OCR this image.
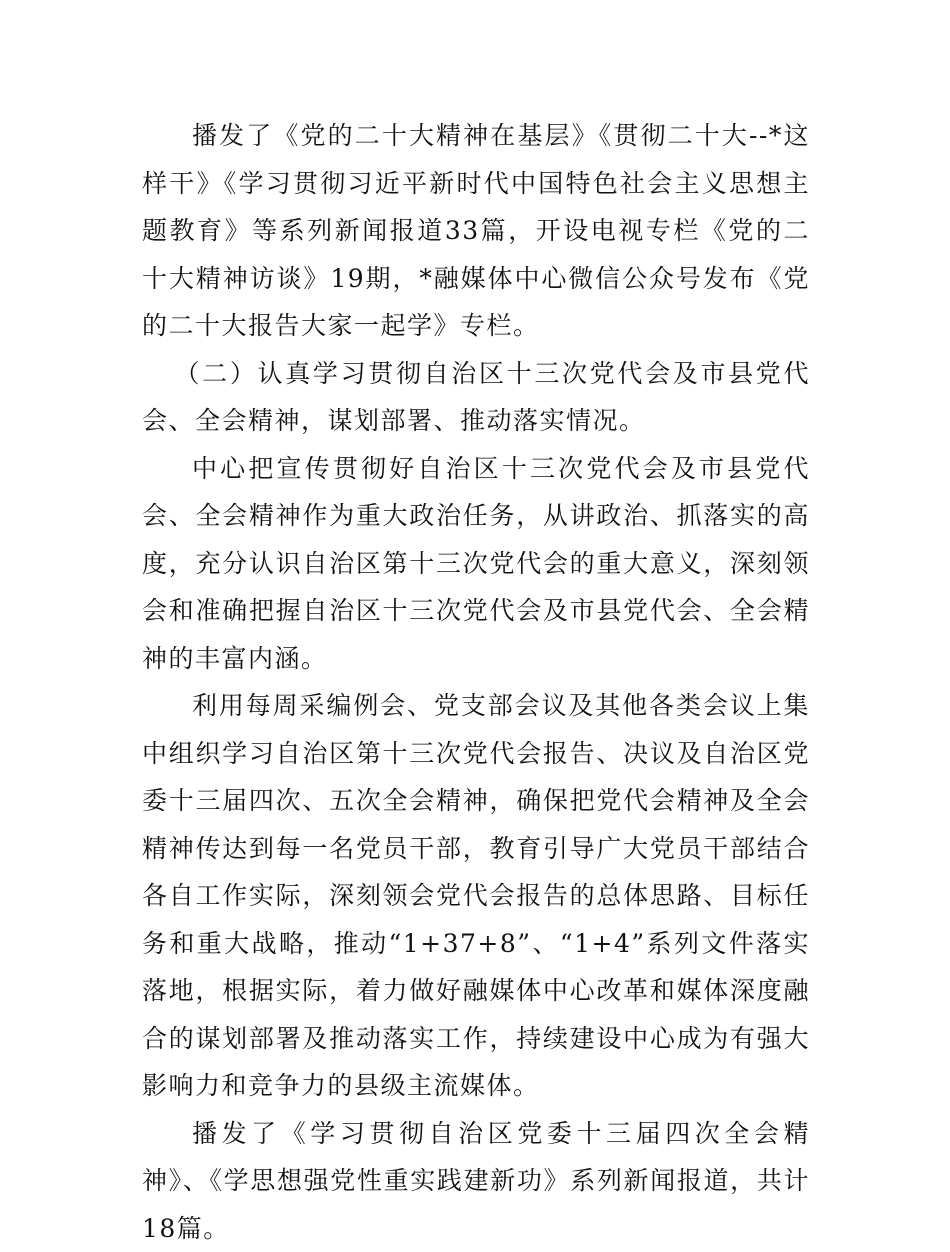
播发了《党的二十大精神在基层》《贯彻二十大--*这样干》《学习贯彻习近平新时代中国特色社会主义思想主题教育》等系列新闻报道33篇，开设电视专栏《党的二十大精神访谈》19期，*融媒体中心微信公众号发布《党的二十大报告大家一起学》专栏。

（二）认真学习贯彻自治区十三次党代会及市县党代会、全会精神，谋划部署、推动落实情况。

中心把宣传贯彻好自治区十三次党代会及市县党代会、全会精神作为重大政治任务，从讲政治、抓落实的高度，充分认识自治区第十三次党代会的重大意义，深刻领会和准确把握自治区十三次党代会及市县党代会、全会精神的丰富内涵。

利用每周采编例会、党支部会议及其他各类会议上集中组织学习自治区第十三次党代会报告、决议及自治区党委十三届四次、五次全会精神，确保把党代会精神及全会精神传达到每一名党员干部，教育引导广大党员干部结合各自工作实际，深刻领会党代会报告的总体思路、目标任务和重大战略，推动“1+37+8”、“1+4”系列文件落实落地，根据实际，着力做好融媒体中心改革和媒体深度融合的谋划部署及推动落实工作，持续建设中心成为有强大影响力和竞争力的县级主流媒体。

播发了《学习贯彻自治区党委十三届四次全会精神》、《学思想强党性重实践建新功》系列新闻报道，共计18篇。
